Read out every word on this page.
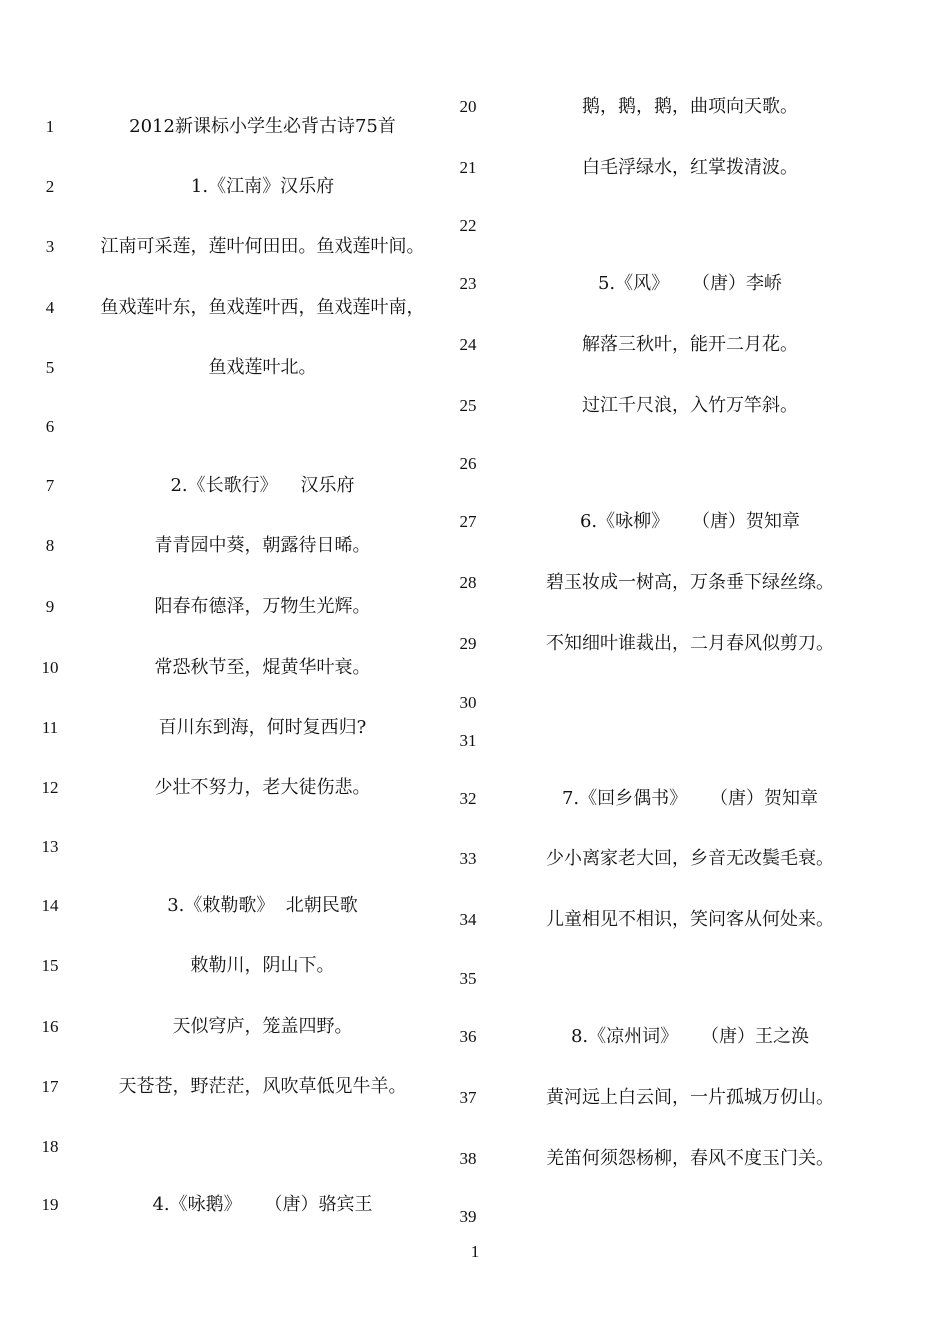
1	2012新课标小学生必背古诗75首
2	1.《江南》汉乐府
3	江南可采莲，莲叶何田田。鱼戏莲叶间。
4	鱼戏莲叶东，鱼戏莲叶西，鱼戏莲叶南，
5	鱼戏莲叶北。
6
7	2.《长歌行》    汉乐府
8	青青园中葵，朝露待日晞。
9	阳春布德泽，万物生光辉。
10	常恐秋节至，焜黄华叶衰。
11	百川东到海，何时复西归?
12	少壮不努力，老大徒伤悲。
13
14	3.《敕勒歌》  北朝民歌
15	敕勒川，阴山下。
16	天似穹庐，笼盖四野。
17	天苍苍，野茫茫，风吹草低见牛羊。
18
19	4.《咏鹅》    （唐）骆宾王
20	鹅，鹅，鹅，曲项向天歌。
21	白毛浮绿水，红掌拨清波。
22
23	5.《风》    （唐）李峤
24	解落三秋叶，能开二月花。
25	过江千尺浪，入竹万竿斜。
26
27	6.《咏柳》    （唐）贺知章
28	碧玉妆成一树高，万条垂下绿丝绦。
29	不知细叶谁裁出，二月春风似剪刀。
30
31
32	7.《回乡偶书》    （唐）贺知章
33	少小离家老大回，乡音无改鬓毛衰。
34	儿童相见不相识，笑问客从何处来。
35
36	8.《凉州词》    （唐）王之涣
37	黄河远上白云间，一片孤城万仞山。
38	羌笛何须怨杨柳，春风不度玉门关。
39
1
